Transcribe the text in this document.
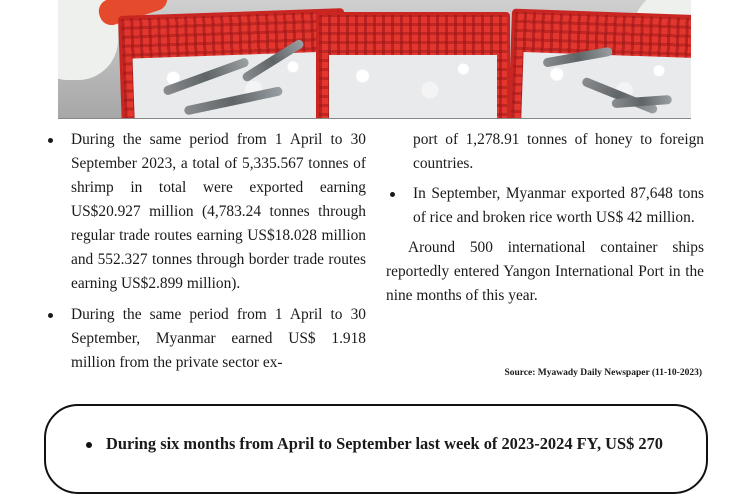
During the same period from 1 April to 30 September 2023, a total of 5,335.567 tonnes of shrimp in total were exported earning US$20.927 million (4,783.24 tonnes through regular trade routes earning US$18.028 million and 552.327 tonnes through border trade routes earning US$2.899 million).
During the same period from 1 April to 30 September, Myanmar earned US$ 1.918 million from the private sector ex-
port of 1,278.91 tonnes of honey to foreign countries.
In September, Myanmar exported 87,648 tons of rice and broken rice worth US$ 42 million.

Around 500 international container ships reportedly entered Yangon International Port in the nine months of this year.

Source: Myawady Daily Newspaper (11-10-2023)
During six months from April to September last week of 2023-2024 FY, US$ 270
